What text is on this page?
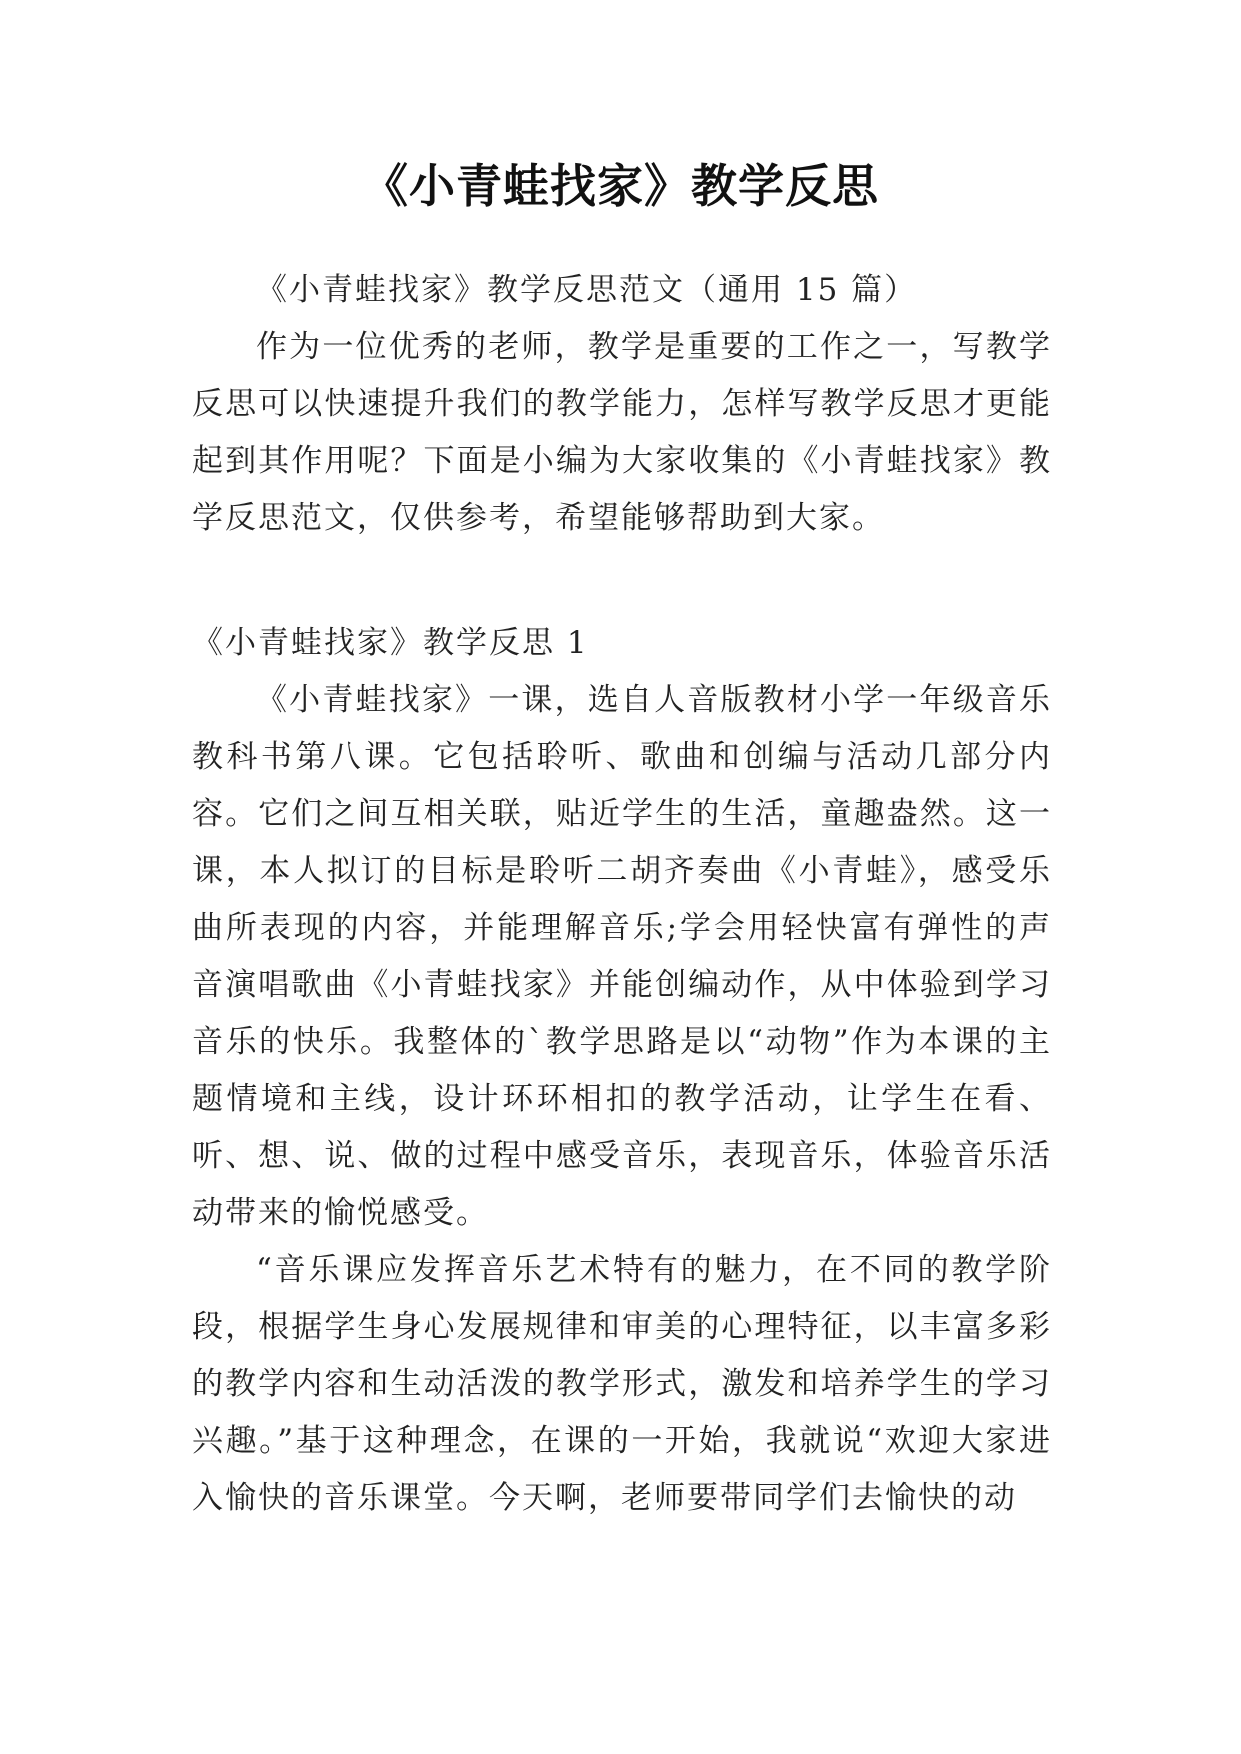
《小青蛙找家》教学反思

《小青蛙找家》教学反思范文（通用 15 篇）

作为一位优秀的老师，教学是重要的工作之一，写教学反思可以快速提升我们的教学能力，怎样写教学反思才更能起到其作用呢？下面是小编为大家收集的《小青蛙找家》教学反思范文，仅供参考，希望能够帮助到大家。

《小青蛙找家》教学反思 1

《小青蛙找家》一课，选自人音版教材小学一年级音乐教科书第八课。它包括聆听、歌曲和创编与活动几部分内容。它们之间互相关联，贴近学生的生活，童趣盎然。这一课，本人拟订的目标是聆听二胡齐奏曲《小青蛙》，感受乐曲所表现的内容，并能理解音乐;学会用轻快富有弹性的声音演唱歌曲《小青蛙找家》并能创编动作，从中体验到学习音乐的快乐。我整体的`教学思路是以“动物”作为本课的主题情境和主线，设计环环相扣的教学活动，让学生在看、听、想、说、做的过程中感受音乐，表现音乐，体验音乐活动带来的愉悦感受。

“音乐课应发挥音乐艺术特有的魅力，在不同的教学阶段，根据学生身心发展规律和审美的心理特征，以丰富多彩的教学内容和生动活泼的教学形式，激发和培养学生的学习兴趣。”基于这种理念，在课的一开始，我就说“欢迎大家进入愉快的音乐课堂。今天啊，老师要带同学们去愉快的动
